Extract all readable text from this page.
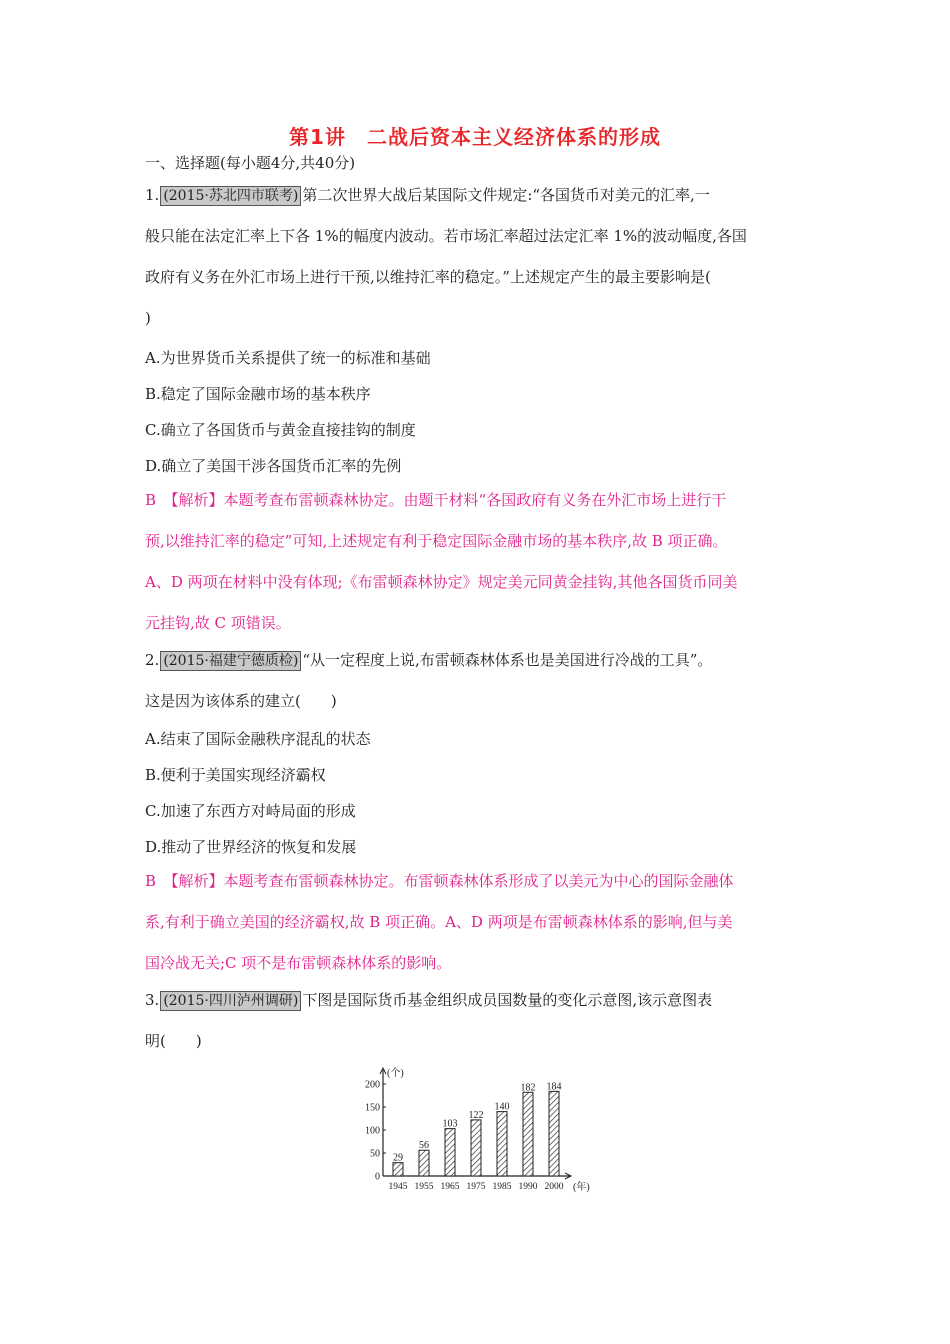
第1讲　二战后资本主义经济体系的形成
一、选择题(每小题4分,共40分)

1. (2015·苏北四市联考) 第二次世界大战后某国际文件规定:“各国货币对美元的汇率,一

般只能在法定汇率上下各 1%的幅度内波动。若市场汇率超过法定汇率 1%的波动幅度,各国

政府有义务在外汇市场上进行干预,以维持汇率的稳定。”上述规定产生的最主要影响是(

)

A.为世界货币关系提供了统一的标准和基础
B.稳定了国际金融市场的基本秩序
C.确立了各国货币与黄金直接挂钩的制度
D.确立了美国干涉各国货币汇率的先例

B　【解析】本题考查布雷顿森林协定。由题干材料“各国政府有义务在外汇市场上进行干

预,以维持汇率的稳定”可知,上述规定有利于稳定国际金融市场的基本秩序,故 B 项正确。

A、D 两项在材料中没有体现;《布雷顿森林协定》规定美元同黄金挂钩,其他各国货币同美

元挂钩,故 C 项错误。

2. (2015·福建宁德质检) “从一定程度上说,布雷顿森林体系也是美国进行冷战的工具”。

这是因为该体系的建立(　　)

A.结束了国际金融秩序混乱的状态
B.便利于美国实现经济霸权
C.加速了东西方对峙局面的形成
D.推动了世界经济的恢复和发展

B　【解析】本题考查布雷顿森林协定。布雷顿森林体系形成了以美元为中心的国际金融体

系,有利于确立美国的经济霸权,故 B 项正确。A、D 两项是布雷顿森林体系的影响,但与美

国冷战无关;C 项不是布雷顿森林体系的影响。

3. (2015·四川泸州调研) 下图是国际货币基金组织成员国数量的变化示意图,该示意图表

明(　　)

200
150
100
50
0
(个)
29
1945
56
1955
103
1965
122
1975
140
1985
182
1990
184
2000 (年)
